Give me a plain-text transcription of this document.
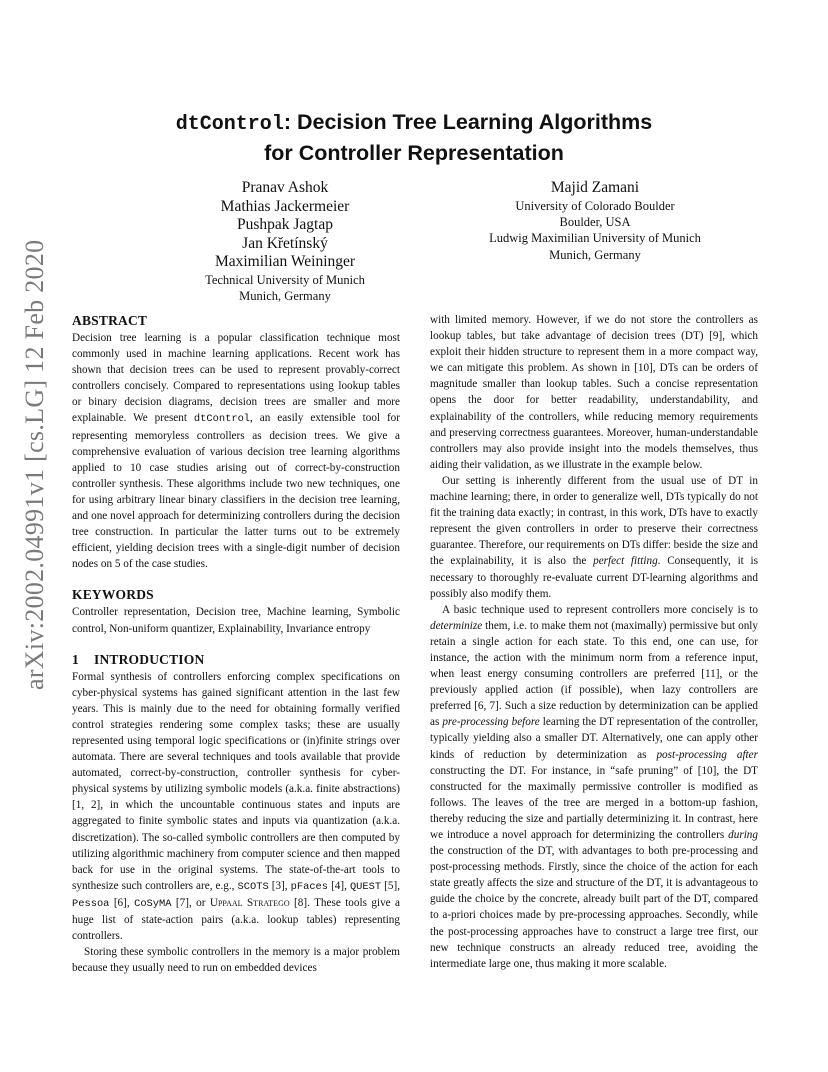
arXiv:2002.04991v1 [cs.LG] 12 Feb 2020
dtControl: Decision Tree Learning Algorithms
for Controller Representation
Pranav Ashok
Mathias Jackermeier
Pushpak Jagtap
Jan Křetínský
Maximilian Weininger
Technical University of Munich
Munich, Germany
Majid Zamani
University of Colorado Boulder
Boulder, USA
Ludwig Maximilian University of Munich
Munich, Germany
ABSTRACT

Decision tree learning is a popular classification technique most commonly used in machine learning applications. Recent work has shown that decision trees can be used to represent provably-correct controllers concisely. Compared to representations using lookup tables or binary decision diagrams, decision trees are smaller and more explainable. We present dtControl, an easily extensible tool for representing memoryless controllers as decision trees. We give a comprehensive evaluation of various decision tree learning algorithms applied to 10 case studies arising out of correct-by-construction controller synthesis. These algorithms include two new techniques, one for using arbitrary linear binary classifiers in the decision tree learning, and one novel approach for determinizing controllers during the decision tree construction. In particular the latter turns out to be extremely efficient, yielding decision trees with a single-digit number of decision nodes on 5 of the case studies.

KEYWORDS

Controller representation, Decision tree, Machine learning, Symbolic control, Non-uniform quantizer, Explainability, Invariance entropy

1 INTRODUCTION

Formal synthesis of controllers enforcing complex specifications on cyber-physical systems has gained significant attention in the last few years. This is mainly due to the need for obtaining formally verified control strategies rendering some complex tasks; these are usually represented using temporal logic specifications or (in)finite strings over automata. There are several techniques and tools available that provide automated, correct-by-construction, controller synthesis for cyber-physical systems by utilizing symbolic models (a.k.a. finite abstractions) [1, 2], in which the uncountable continuous states and inputs are aggregated to finite symbolic states and inputs via quantization (a.k.a. discretization). The so-called symbolic controllers are then computed by utilizing algorithmic machinery from computer science and then mapped back for use in the original systems. The state-of-the-art tools to synthesize such controllers are, e.g., SCOTS [3], pFaces [4], QUEST [5], Pessoa [6], CoSyMA [7], or Uppaal Stratego [8]. These tools give a huge list of state-action pairs (a.k.a. lookup tables) representing controllers.

Storing these symbolic controllers in the memory is a major problem because they usually need to run on embedded devices

with limited memory. However, if we do not store the controllers as lookup tables, but take advantage of decision trees (DT) [9], which exploit their hidden structure to represent them in a more compact way, we can mitigate this problem. As shown in [10], DTs can be orders of magnitude smaller than lookup tables. Such a concise representation opens the door for better readability, understandability, and explainability of the controllers, while reducing memory requirements and preserving correctness guarantees. Moreover, human-understandable controllers may also provide insight into the models themselves, thus aiding their validation, as we illustrate in the example below.

Our setting is inherently different from the usual use of DT in machine learning; there, in order to generalize well, DTs typically do not fit the training data exactly; in contrast, in this work, DTs have to exactly represent the given controllers in order to preserve their correctness guarantee. Therefore, our requirements on DTs differ: beside the size and the explainability, it is also the perfect fitting. Consequently, it is necessary to thoroughly re-evaluate current DT-learning algorithms and possibly also modify them.

A basic technique used to represent controllers more concisely is to determinize them, i.e. to make them not (maximally) permissive but only retain a single action for each state. To this end, one can use, for instance, the action with the minimum norm from a reference input, when least energy consuming controllers are preferred [11], or the previously applied action (if possible), when lazy controllers are preferred [6, 7]. Such a size reduction by determinization can be applied as pre-processing before learning the DT representation of the controller, typically yielding also a smaller DT. Alternatively, one can apply other kinds of reduction by determinization as post-processing after constructing the DT. For instance, in “safe pruning” of [10], the DT constructed for the maximally permissive controller is modified as follows. The leaves of the tree are merged in a bottom-up fashion, thereby reducing the size and partially determinizing it. In contrast, here we introduce a novel approach for determinizing the controllers during the construction of the DT, with advantages to both pre-processing and post-processing methods. Firstly, since the choice of the action for each state greatly affects the size and structure of the DT, it is advantageous to guide the choice by the concrete, already built part of the DT, compared to a-priori choices made by pre-processing approaches. Secondly, while the post-processing approaches have to construct a large tree first, our new technique constructs an already reduced tree, avoiding the intermediate large one, thus making it more scalable.
